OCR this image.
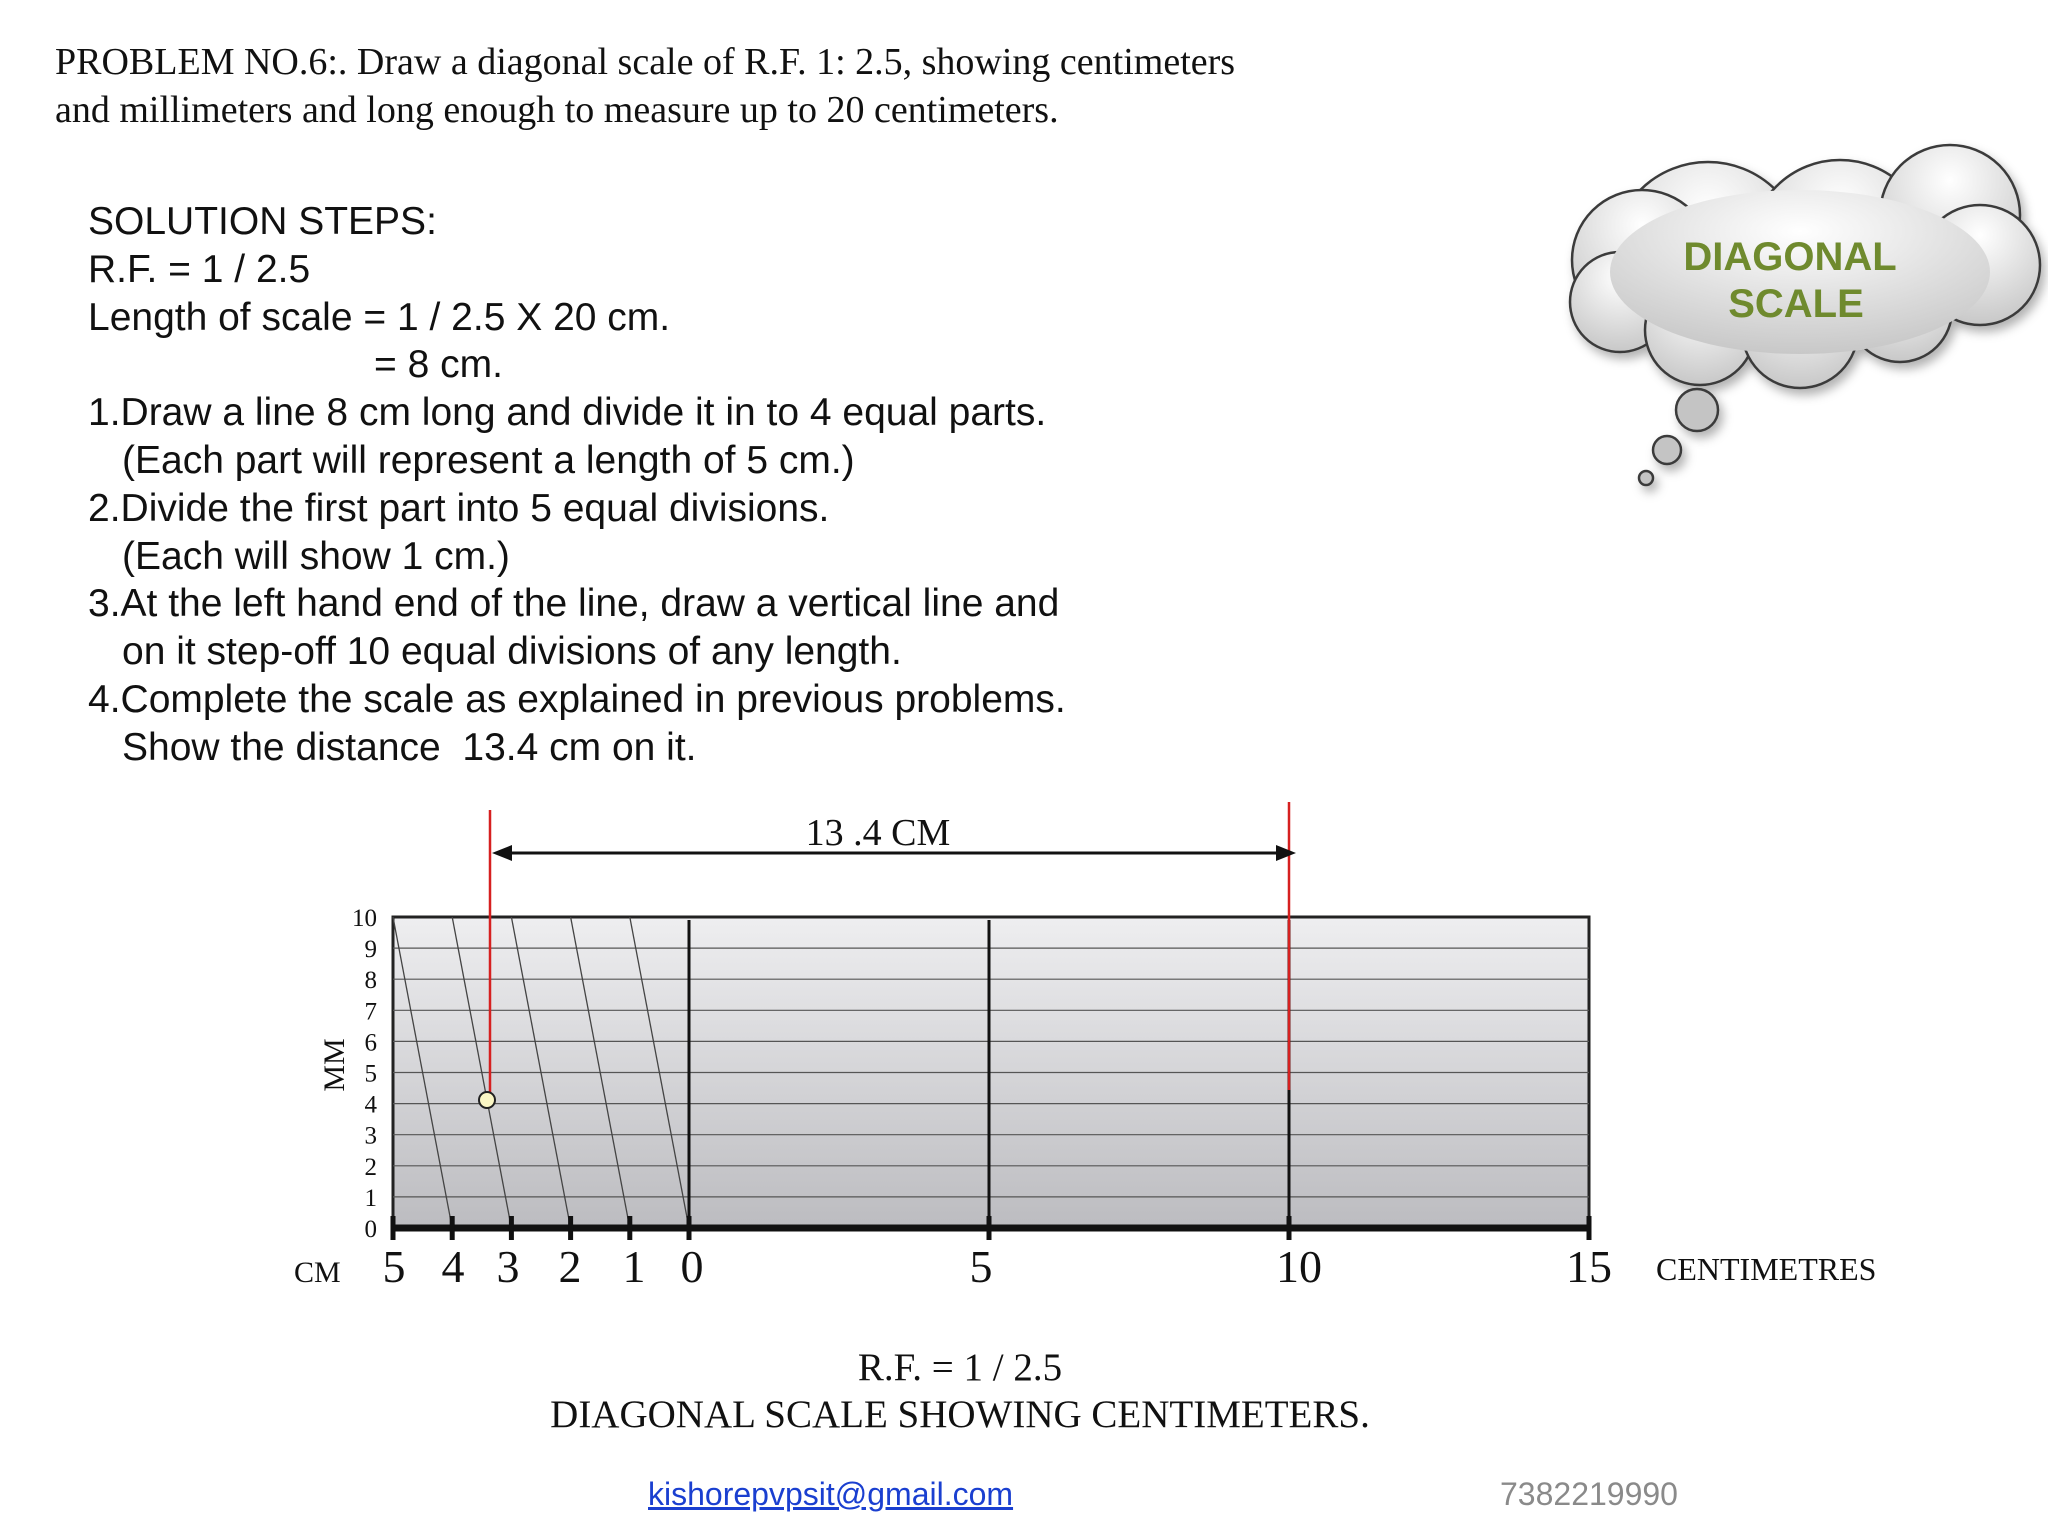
PROBLEM NO.6:. Draw a diagonal scale of R.F. 1: 2.5, showing centimeters
and millimeters and long enough to measure up to 20 centimeters.
SOLUTION STEPS:
R.F. = 1 / 2.5
Length of scale = 1 / 2.5 X 20 cm.
= 8 cm.
1.Draw a line 8 cm long and divide it in to 4 equal parts.
(Each part will represent a length of 5 cm.)
2.Divide the first part into 5 equal divisions.
(Each will show 1 cm.)
3.At the left hand end of the line, draw a vertical line and
on it step-off 10 equal divisions of any length.
4.Complete the scale as explained in previous problems.
Show the distance  13.4 cm on it.
DIAGONAL
SCALE
0
1
2
3
4
5
6
7
8
9
10
5 4 3 2 1 0	5	10	15
13 .4 CM
MM
CM	CENTIMETRES
R.F. = 1 / 2.5
DIAGONAL SCALE SHOWING CENTIMETERS.
kishorepvpsit@gmail.com	7382219990
